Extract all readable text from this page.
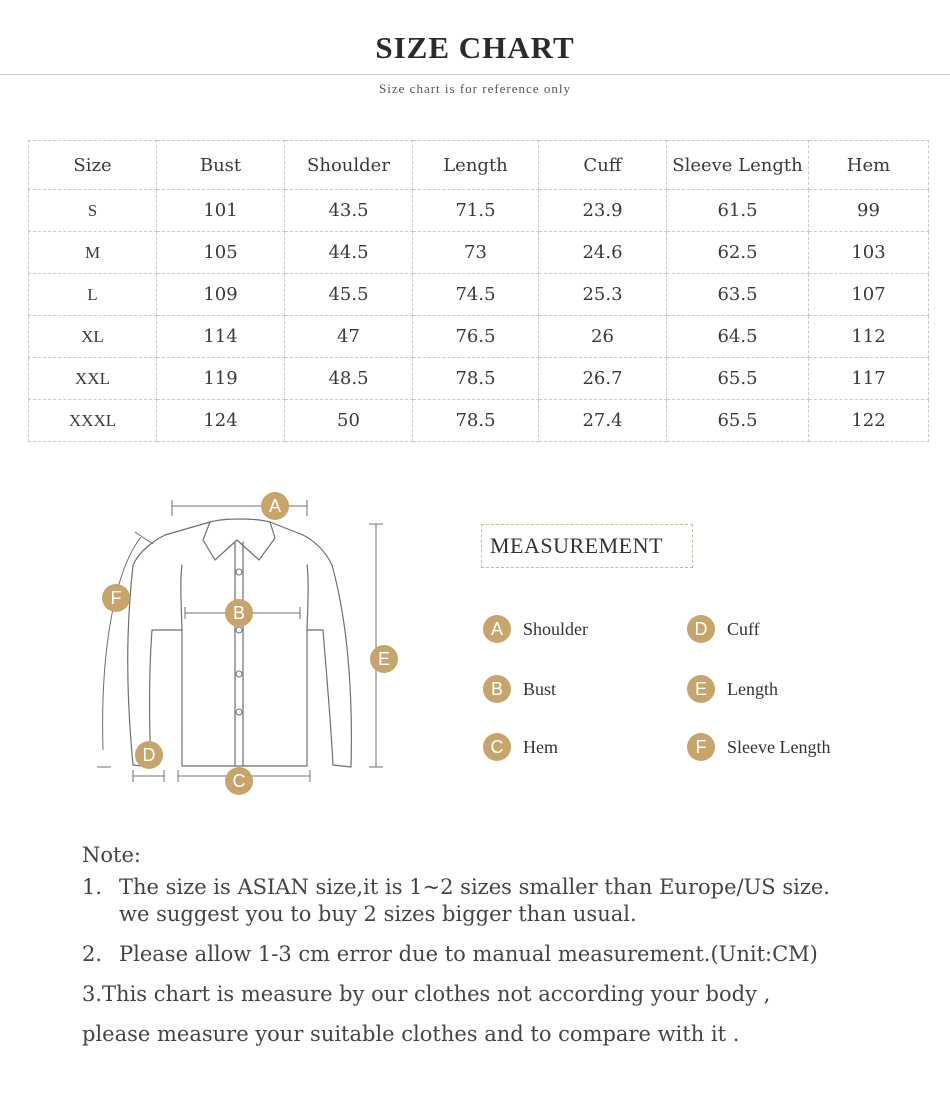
SIZE CHART
Size chart is for reference only
Size	Bust	Shoulder	Length	Cuff	Sleeve Length	Hem
S	101	43.5	71.5	23.9	61.5	99
M	105	44.5	73	24.6	62.5	103
L	109	45.5	74.5	25.3	63.5	107
XL	114	47	76.5	26	64.5	112
XXL	119	48.5	78.5	26.7	65.5	117
XXXL	124	50	78.5	27.4	65.5	122
A
B
C
D
E
F
MEASUREMENT
A	Shoulder
B	Bust
C	Hem
D	Cuff
E	Length
F	Sleeve Length
Note:
1. The size is ASIAN size,it is 1~2 sizes smaller than Europe/US size.
we suggest you to buy 2 sizes bigger than usual.
2. Please allow 1-3 cm error due to manual measurement.(Unit:CM)
3.This chart is measure by our clothes not according your body ,
please measure your suitable clothes and to compare with it .
